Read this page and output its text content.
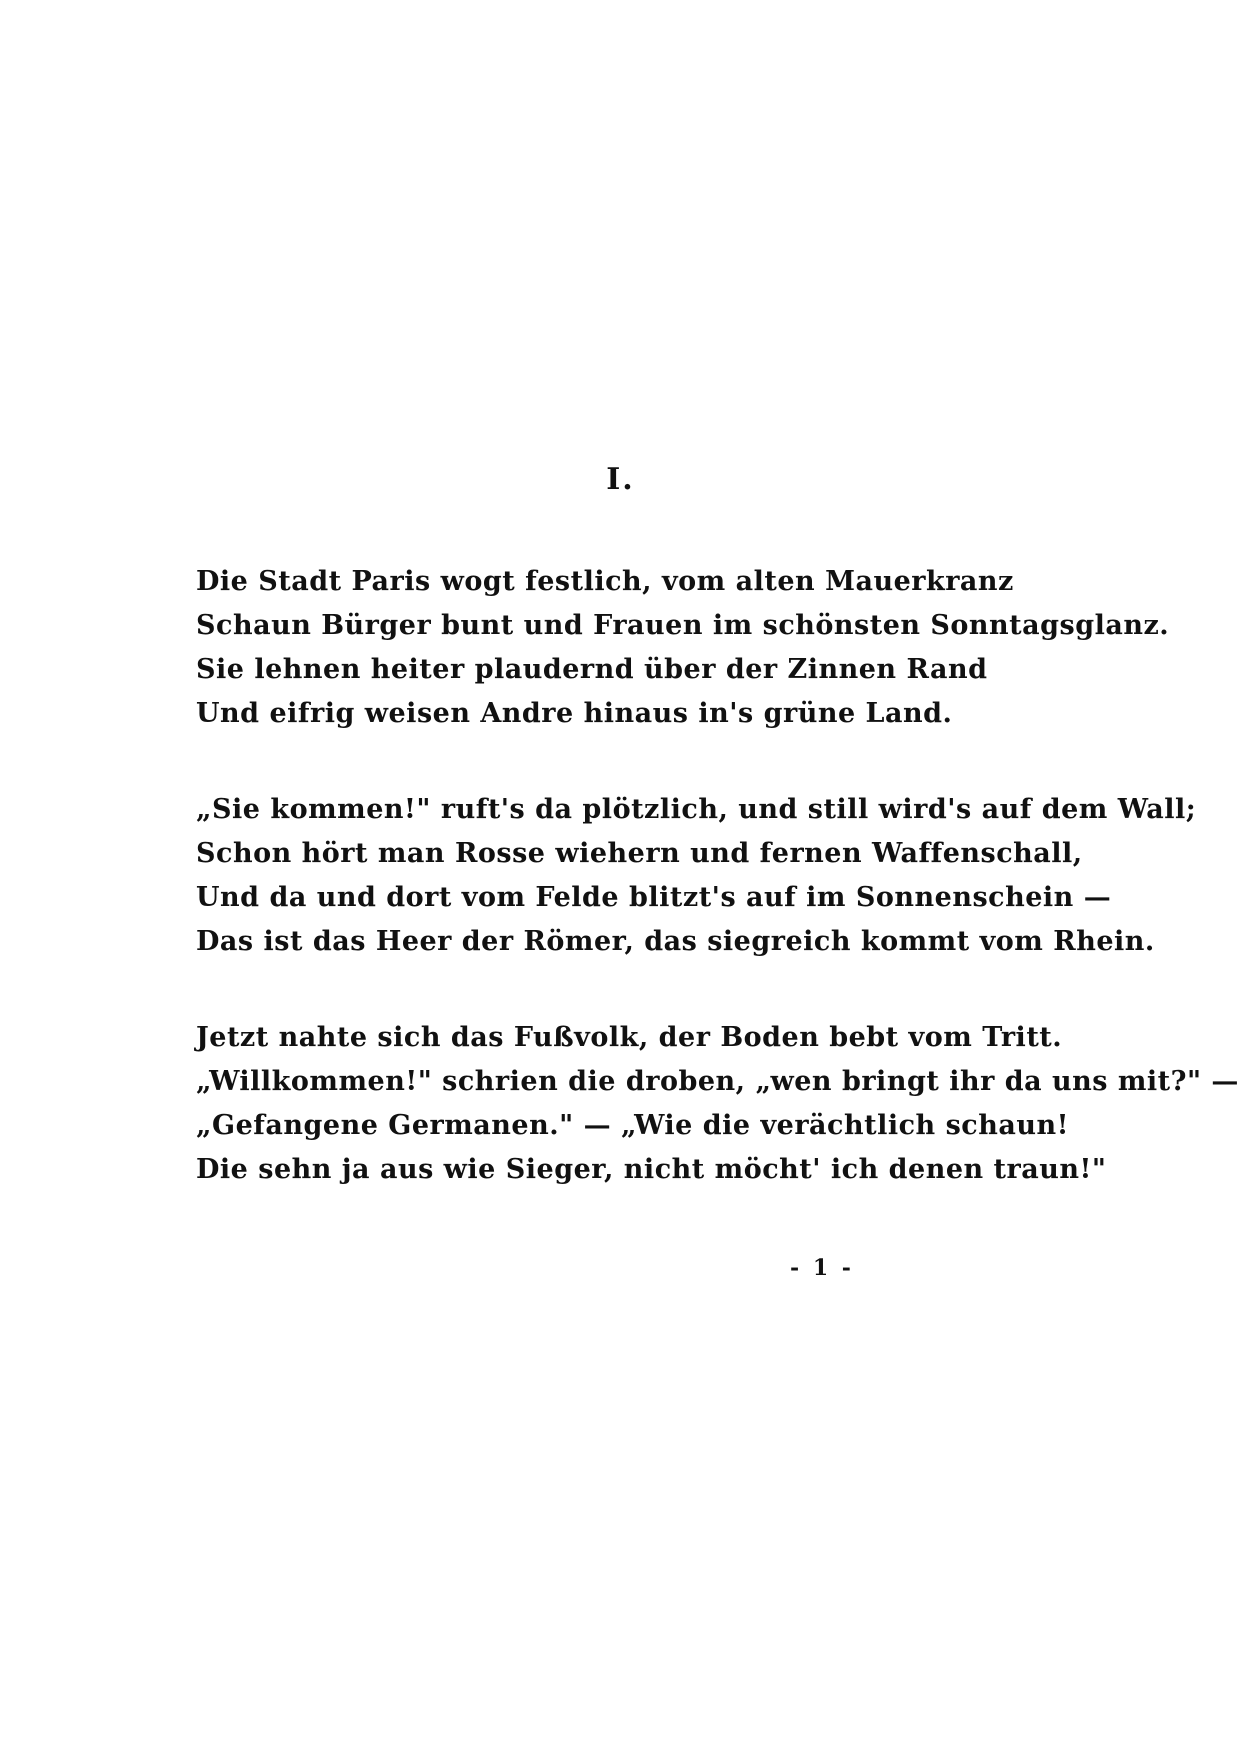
I.
Die Stadt Paris wogt festlich, vom alten Mauerkranz
Schaun Bürger bunt und Frauen im schönsten Sonntagsglanz.
Sie lehnen heiter plaudernd über der Zinnen Rand
Und eifrig weisen Andre hinaus in's grüne Land.
„Sie kommen!" ruft's da plötzlich, und still wird's auf dem Wall;
Schon hört man Rosse wiehern und fernen Waffenschall,
Und da und dort vom Felde blitzt's auf im Sonnenschein —
Das ist das Heer der Römer, das siegreich kommt vom Rhein.
Jetzt nahte sich das Fußvolk, der Boden bebt vom Tritt.
„Willkommen!" schrien die droben, „wen bringt ihr da uns mit?" —
„Gefangene Germanen." — „Wie die verächtlich schaun!
Die sehn ja aus wie Sieger, nicht möcht' ich denen traun!"
- 1 -
